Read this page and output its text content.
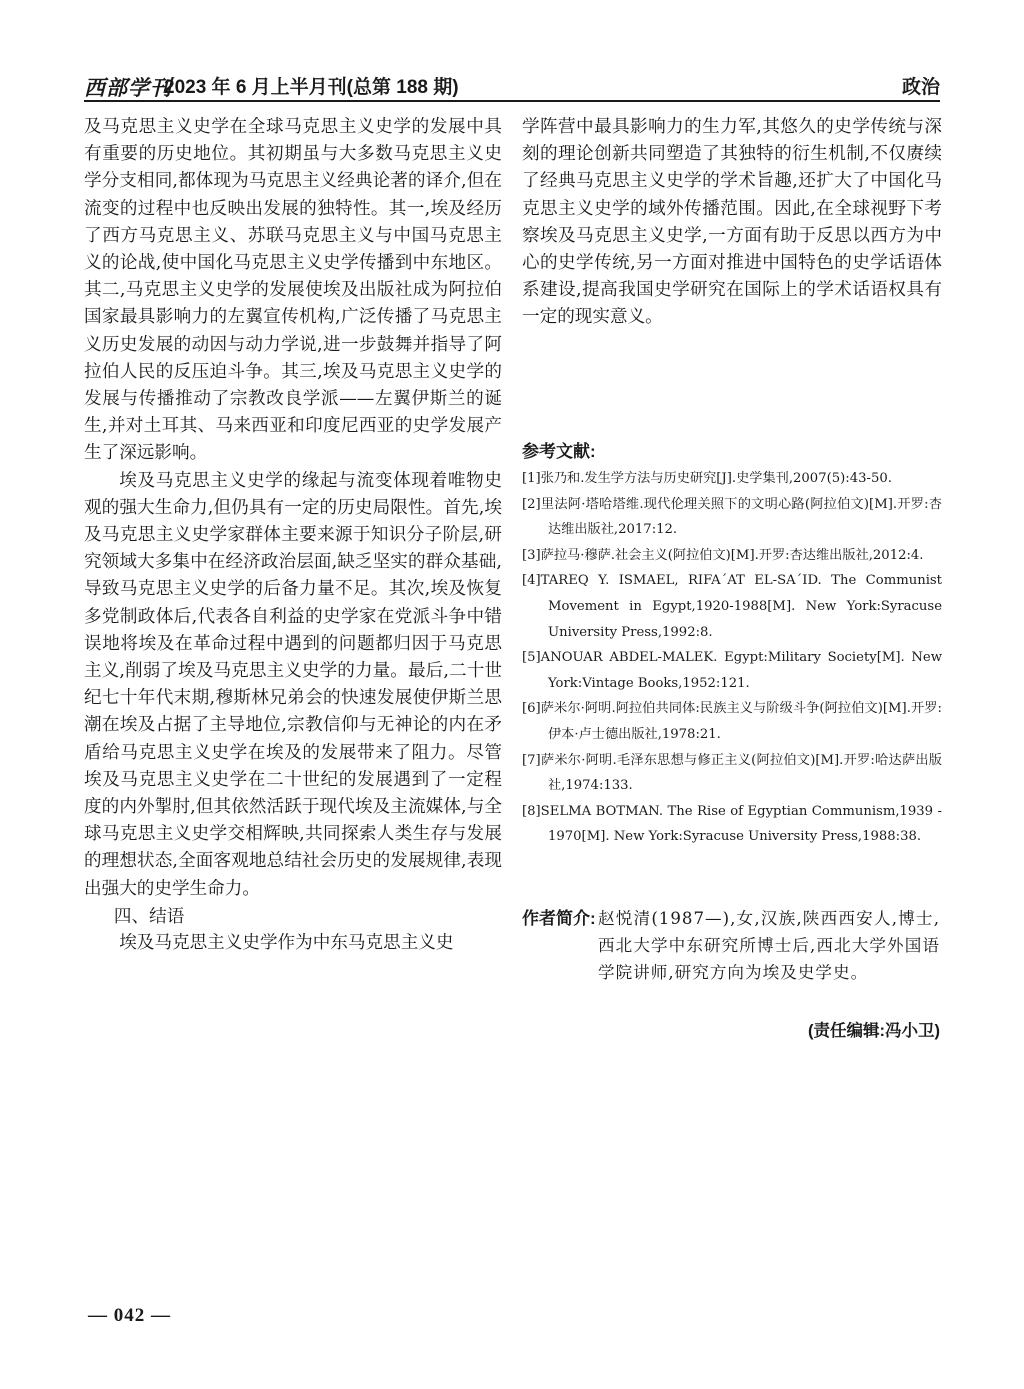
西部学刊
2023 年 6 月上半月刊(总第 188 期)	政治

及马克思主义史学在全球马克思主义史学的发展中具有重要的历史地位。其初期虽与大多数马克思主义史学分支相同,都体现为马克思主义经典论著的译介,但在流变的过程中也反映出发展的独特性。其一,埃及经历了西方马克思主义、苏联马克思主义与中国马克思主义的论战,使中国化马克思主义史学传播到中东地区。其二,马克思主义史学的发展使埃及出版社成为阿拉伯国家最具影响力的左翼宣传机构,广泛传播了马克思主义历史发展的动因与动力学说,进一步鼓舞并指导了阿拉伯人民的反压迫斗争。其三,埃及马克思主义史学的发展与传播推动了宗教改良学派——左翼伊斯兰的诞生,并对土耳其、马来西亚和印度尼西亚的史学发展产生了深远影响。

埃及马克思主义史学的缘起与流变体现着唯物史观的强大生命力,但仍具有一定的历史局限性。首先,埃及马克思主义史学家群体主要来源于知识分子阶层,研究领域大多集中在经济政治层面,缺乏坚实的群众基础,导致马克思主义史学的后备力量不足。其次,埃及恢复多党制政体后,代表各自利益的史学家在党派斗争中错误地将埃及在革命过程中遇到的问题都归因于马克思主义,削弱了埃及马克思主义史学的力量。最后,二十世纪七十年代末期,穆斯林兄弟会的快速发展使伊斯兰思潮在埃及占据了主导地位,宗教信仰与无神论的内在矛盾给马克思主义史学在埃及的发展带来了阻力。尽管埃及马克思主义史学在二十世纪的发展遇到了一定程度的内外掣肘,但其依然活跃于现代埃及主流媒体,与全球马克思主义史学交相辉映,共同探索人类生存与发展的理想状态,全面客观地总结社会历史的发展规律,表现出强大的史学生命力。

四、结语

埃及马克思主义史学作为中东马克思主义史

学阵营中最具影响力的生力军,其悠久的史学传统与深刻的理论创新共同塑造了其独特的衍生机制,不仅赓续了经典马克思主义史学的学术旨趣,还扩大了中国化马克思主义史学的域外传播范围。因此,在全球视野下考察埃及马克思主义史学,一方面有助于反思以西方为中心的史学传统,另一方面对推进中国特色的史学话语体系建设,提高我国史学研究在国际上的学术话语权具有一定的现实意义。

参考文献:
[1]张乃和.发生学方法与历史研究[J].史学集刊,2007(5):43-50.
[2]里法阿·塔哈塔维.现代伦理关照下的文明心路(阿拉伯文)[M].开罗:杏达维出版社,2017:12.
[3]萨拉马·穆萨.社会主义(阿拉伯文)[M].开罗:杏达维出版社,2012:4.
[4]TAREQ Y. ISMAEL, RIFA´AT EL-SA´ID. The Communist Movement in Egypt,1920-1988[M]. New York:Syracuse University Press,1992:8.
[5]ANOUAR ABDEL-MALEK. Egypt:Military Society[M]. New York:Vintage Books,1952:121.
[6]萨米尔·阿明.阿拉伯共同体:民族主义与阶级斗争(阿拉伯文)[M].开罗:伊本·卢士德出版社,1978:21.
[7]萨米尔·阿明.毛泽东思想与修正主义(阿拉伯文)[M].开罗:哈达萨出版社,1974:133.
[8]SELMA BOTMAN. The Rise of Egyptian Communism,1939 - 1970[M]. New York:Syracuse University Press,1988:38.
作者简介: 赵悦清(1987—),女,汉族,陕西西安人,博士,西北大学中东研究所博士后,西北大学外国语学院讲师,研究方向为埃及史学史。
(责任编辑:冯小卫)
— 042 —
